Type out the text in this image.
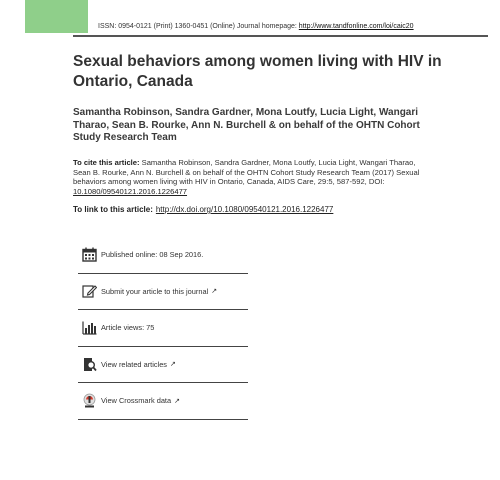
ISSN: 0954-0121 (Print) 1360-0451 (Online) Journal homepage: http://www.tandfonline.com/loi/caic20
Sexual behaviors among women living with HIV in Ontario, Canada
Samantha Robinson, Sandra Gardner, Mona Loutfy, Lucia Light, Wangari Tharao, Sean B. Rourke, Ann N. Burchell & on behalf of the OHTN Cohort Study Research Team
To cite this article: Samantha Robinson, Sandra Gardner, Mona Loutfy, Lucia Light, Wangari Tharao, Sean B. Rourke, Ann N. Burchell & on behalf of the OHTN Cohort Study Research Team (2017) Sexual behaviors among women living with HIV in Ontario, Canada, AIDS Care, 29:5, 587-592, DOI: 10.1080/09540121.2016.1226477
To link to this article: http://dx.doi.org/10.1080/09540121.2016.1226477
Published online: 08 Sep 2016.
Submit your article to this journal ↗
Article views: 75
View related articles ↗
View Crossmark data ↗
